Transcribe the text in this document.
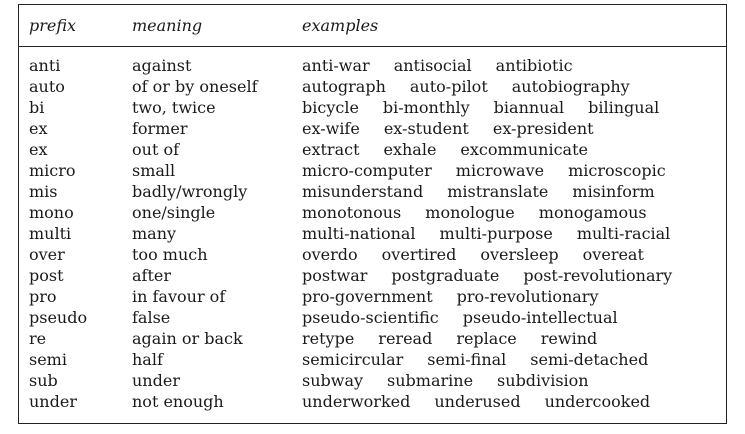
prefix	meaning	examples
anti	against	anti-war antisocial antibiotic
auto	of or by oneself	autograph auto-pilot autobiography
bi	two, twice	bicycle bi-monthly biannual bilingual
ex	former	ex-wife ex-student ex-president
ex	out of	extract exhale excommunicate
micro	small	micro-computer microwave microscopic
mis	badly/wrongly	misunderstand mistranslate misinform
mono	one/single	monotonous monologue monogamous
multi	many	multi-national multi-purpose multi-racial
over	too much	overdo overtired oversleep overeat
post	after	postwar postgraduate post-revolutionary
pro	in favour of	pro-government pro-revolutionary
pseudo	false	pseudo-scientific pseudo-intellectual
re	again or back	retype reread replace rewind
semi	half	semicircular semi-final semi-detached
sub	under	subway submarine subdivision
under	not enough	underworked underused undercooked
